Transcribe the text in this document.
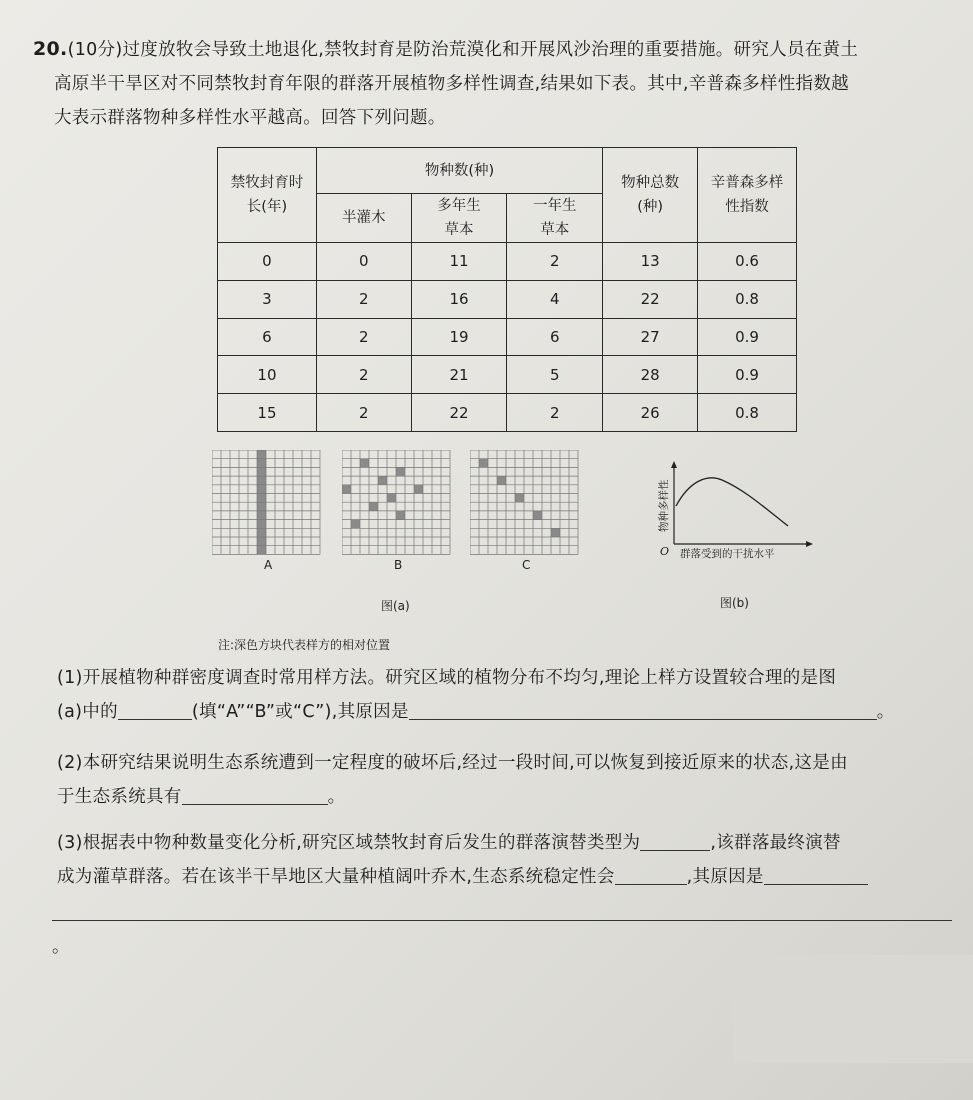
20.(10分)过度放牧会导致土地退化,禁牧封育是防治荒漠化和开展风沙治理的重要措施。研究人员在黄土
高原半干旱区对不同禁牧封育年限的群落开展植物多样性调查,结果如下表。其中,辛普森多样性指数越
大表示群落物种多样性水平越高。回答下列问题。
禁牧封育时长(年)	物种数(种)			物种总数(种)	辛普森多样性指数
	半灌木	多年生草本	一年生草本		
0	0	11	2	13	0.6
3	2	16	4	22	0.8
6	2	19	6	27	0.9
10	2	21	5	28	0.9
15	2	22	2	26	0.8
A	B	C
图(a)
O
物种多样性
群落受到的干扰水平
图(b)
注:深色方块代表样方的相对位置
(1)开展植物种群密度调查时常用样方法。研究区域的植物分布不均匀,理论上样方设置较合理的是图
(a)中的	(填“A”“B”或“C”),其原因是	。
(2)本研究结果说明生态系统遭到一定程度的破坏后,经过一段时间,可以恢复到接近原来的状态,这是由
于生态系统具有	。
(3)根据表中物种数量变化分析,研究区域禁牧封育后发生的群落演替类型为	,该群落最终演替
成为灌草群落。若在该半干旱地区大量种植阔叶乔木,生态系统稳定性会	,其原因是
。
